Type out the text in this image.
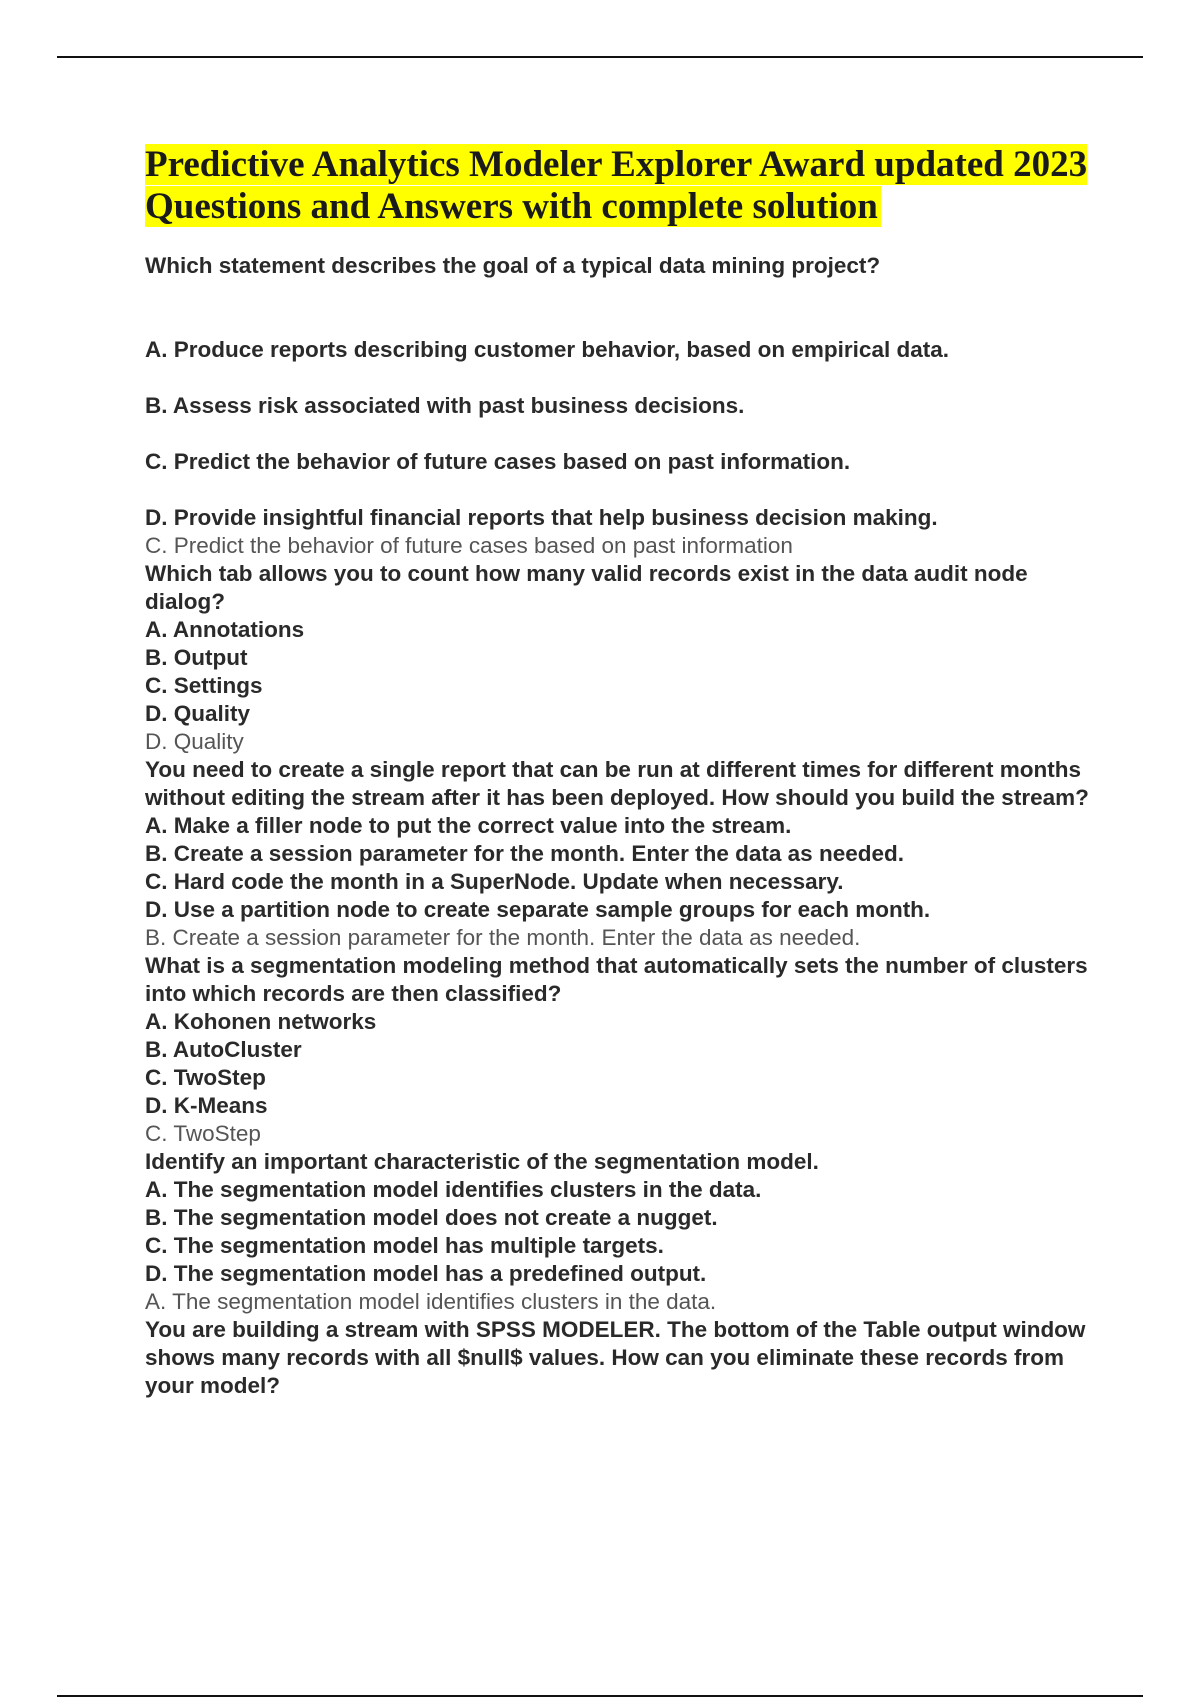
Predictive Analytics Modeler Explorer Award updated 2023 Questions and Answers with complete solution

Which statement describes the goal of a typical data mining project?

A. Produce reports describing customer behavior, based on empirical data.

B. Assess risk associated with past business decisions.

C. Predict the behavior of future cases based on past information.

D. Provide insightful financial reports that help business decision making.

C. Predict the behavior of future cases based on past information

Which tab allows you to count how many valid records exist in the data audit node dialog?

A. Annotations

B. Output

C. Settings

D. Quality

D. Quality

You need to create a single report that can be run at different times for different months without editing the stream after it has been deployed. How should you build the stream?

A. Make a filler node to put the correct value into the stream.

B. Create a session parameter for the month. Enter the data as needed.

C. Hard code the month in a SuperNode. Update when necessary.

D. Use a partition node to create separate sample groups for each month.

B. Create a session parameter for the month. Enter the data as needed.

What is a segmentation modeling method that automatically sets the number of clusters into which records are then classified?

A. Kohonen networks

B. AutoCluster

C. TwoStep

D. K-Means

C. TwoStep

Identify an important characteristic of the segmentation model.

A. The segmentation model identifies clusters in the data.

B. The segmentation model does not create a nugget.

C. The segmentation model has multiple targets.

D. The segmentation model has a predefined output.

A. The segmentation model identifies clusters in the data.

You are building a stream with SPSS MODELER. The bottom of the Table output window shows many records with all $null$ values. How can you eliminate these records from your model?
